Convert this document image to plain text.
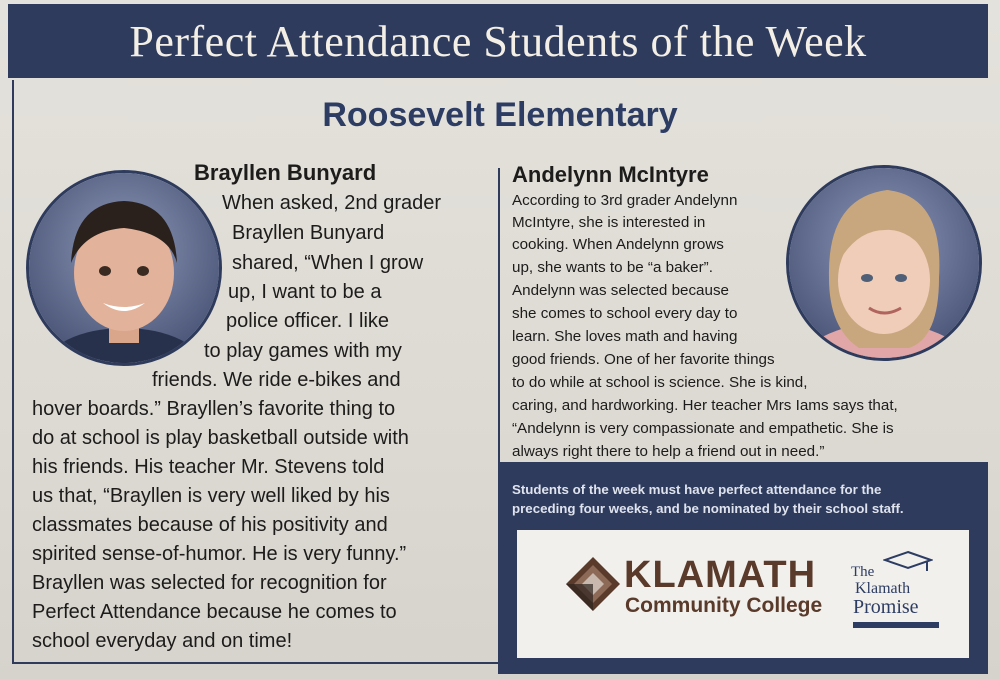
Perfect Attendance Students of the Week
Roosevelt Elementary
Brayllen Bunyard
When asked, 2nd grader
Brayllen Bunyard
shared, “When I grow
up, I want to be a
police officer. I like
to play games with my
friends. We ride e-bikes and
hover boards.” Brayllen’s favorite thing to
do at school is play basketball outside with
his friends. His teacher Mr. Stevens told
us that, “Brayllen is very well liked by his
classmates because of his positivity and
spirited sense-of-humor. He is very funny.”
Brayllen was selected for recognition for
Perfect Attendance because he comes to
school everyday and on time!
Andelynn McIntyre
According to 3rd grader Andelynn
McIntyre, she is interested in
cooking. When Andelynn grows
up, she wants to be “a baker”.
Andelynn was selected because
she comes to school every day to
learn. She loves math and having
good friends. One of her favorite things
to do while at school is science. She is kind,
caring, and hardworking. Her teacher Mrs Iams says that,
“Andelynn is very compassionate and empathetic. She is
always right there to help a friend out in need.”
Students of the week must have perfect attendance for the
preceding four weeks, and be nominated by their school staff.

KLAMATH

Community College

The
Klamath
Promise
